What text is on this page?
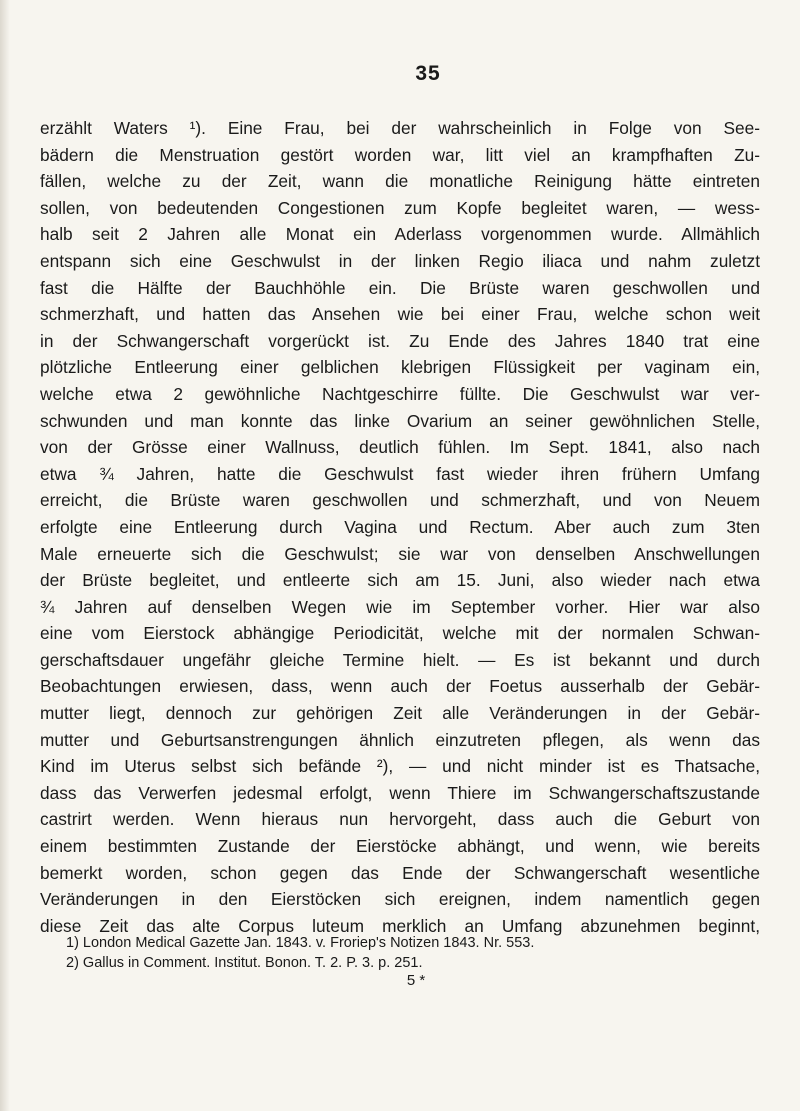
35
erzählt Waters ¹). Eine Frau, bei der wahrscheinlich in Folge von See-
bädern die Menstruation gestört worden war, litt viel an krampfhaften Zu-
fällen, welche zu der Zeit, wann die monatliche Reinigung hätte eintreten
sollen, von bedeutenden Congestionen zum Kopfe begleitet waren, — wess-
halb seit 2 Jahren alle Monat ein Aderlass vorgenommen wurde. Allmählich
entspann sich eine Geschwulst in der linken Regio iliaca und nahm zuletzt
fast die Hälfte der Bauchhöhle ein. Die Brüste waren geschwollen und
schmerzhaft, und hatten das Ansehen wie bei einer Frau, welche schon weit
in der Schwangerschaft vorgerückt ist. Zu Ende des Jahres 1840 trat eine
plötzliche Entleerung einer gelblichen klebrigen Flüssigkeit per vaginam ein,
welche etwa 2 gewöhnliche Nachtgeschirre füllte. Die Geschwulst war ver-
schwunden und man konnte das linke Ovarium an seiner gewöhnlichen Stelle,
von der Grösse einer Wallnuss, deutlich fühlen. Im Sept. 1841, also nach
etwa ¾ Jahren, hatte die Geschwulst fast wieder ihren frühern Umfang
erreicht, die Brüste waren geschwollen und schmerzhaft, und von Neuem
erfolgte eine Entleerung durch Vagina und Rectum. Aber auch zum 3ten
Male erneuerte sich die Geschwulst; sie war von denselben Anschwellungen
der Brüste begleitet, und entleerte sich am 15. Juni, also wieder nach etwa
¾ Jahren auf denselben Wegen wie im September vorher. Hier war also
eine vom Eierstock abhängige Periodicität, welche mit der normalen Schwan-
gerschaftsdauer ungefähr gleiche Termine hielt. — Es ist bekannt und durch
Beobachtungen erwiesen, dass, wenn auch der Foetus ausserhalb der Gebär-
mutter liegt, dennoch zur gehörigen Zeit alle Veränderungen in der Gebär-
mutter und Geburtsanstrengungen ähnlich einzutreten pflegen, als wenn das
Kind im Uterus selbst sich befände ²), — und nicht minder ist es Thatsache,
dass das Verwerfen jedesmal erfolgt, wenn Thiere im Schwangerschaftszustande
castrirt werden. Wenn hieraus nun hervorgeht, dass auch die Geburt von
einem bestimmten Zustande der Eierstöcke abhängt, und wenn, wie bereits
bemerkt worden, schon gegen das Ende der Schwangerschaft wesentliche
Veränderungen in den Eierstöcken sich ereignen, indem namentlich gegen
diese Zeit das alte Corpus luteum merklich an Umfang abzunehmen beginnt,
1) London Medical Gazette Jan. 1843. v. Froriep's Notizen 1843. Nr. 553.
2) Gallus in Comment. Institut. Bonon. T. 2. P. 3. p. 251.
5 *
